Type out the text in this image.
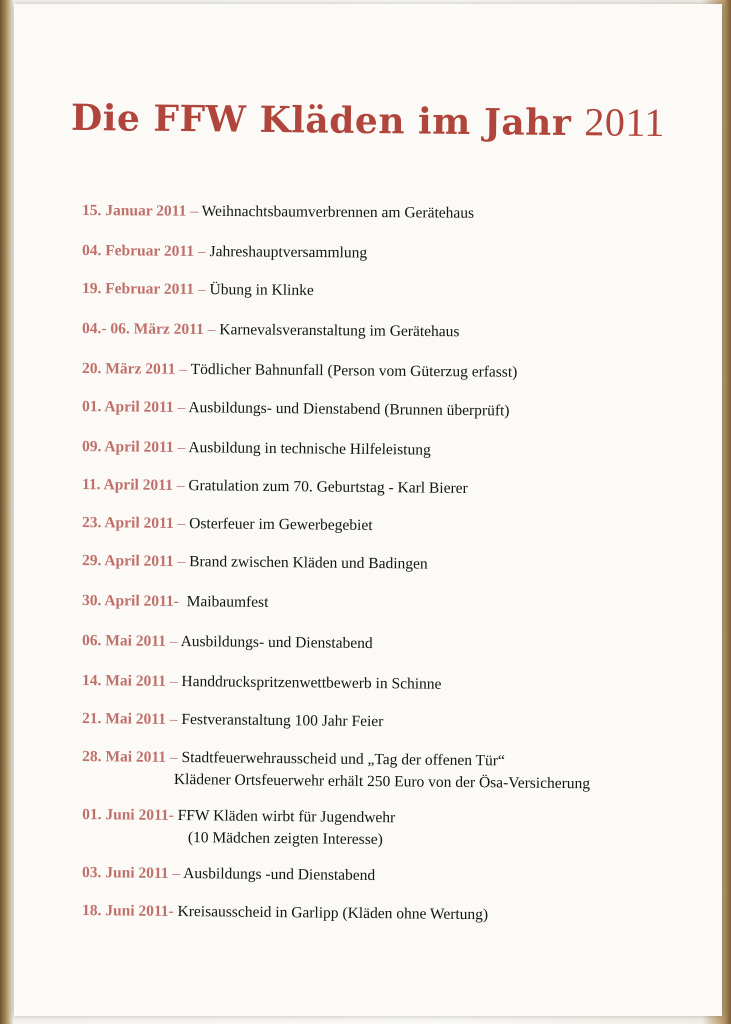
Die FFW Kläden im Jahr 2011
15. Januar 2011 – Weihnachtsbaumverbrennen am Gerätehaus
04. Februar 2011 – Jahreshauptversammlung
19. Februar 2011 – Übung in Klinke
04.- 06. März 2011 – Karnevalsveranstaltung im Gerätehaus
20. März 2011 – Tödlicher Bahnunfall (Person vom Güterzug erfasst)
01. April 2011 – Ausbildungs- und Dienstabend (Brunnen überprüft)
09. April 2011 – Ausbildung in technische Hilfeleistung
11. April 2011 – Gratulation zum 70. Geburtstag - Karl Bierer
23. April 2011 – Osterfeuer im Gewerbegebiet
29. April 2011 – Brand zwischen Kläden und Badingen
30. April 2011- Maibaumfest
06. Mai 2011 – Ausbildungs- und Dienstabend
14. Mai 2011 – Handdruckspritzenwettbewerb in Schinne
21. Mai 2011 – Festveranstaltung 100 Jahr Feier
28. Mai 2011 – Stadtfeuerwehrausscheid und „Tag der offenen Tür“
Klädener Ortsfeuerwehr erhält 250 Euro von der Ösa-Versicherung
01. Juni 2011- FFW Kläden wirbt für Jugendwehr
(10 Mädchen zeigten Interesse)
03. Juni 2011 – Ausbildungs -und Dienstabend
18. Juni 2011- Kreisausscheid in Garlipp (Kläden ohne Wertung)
